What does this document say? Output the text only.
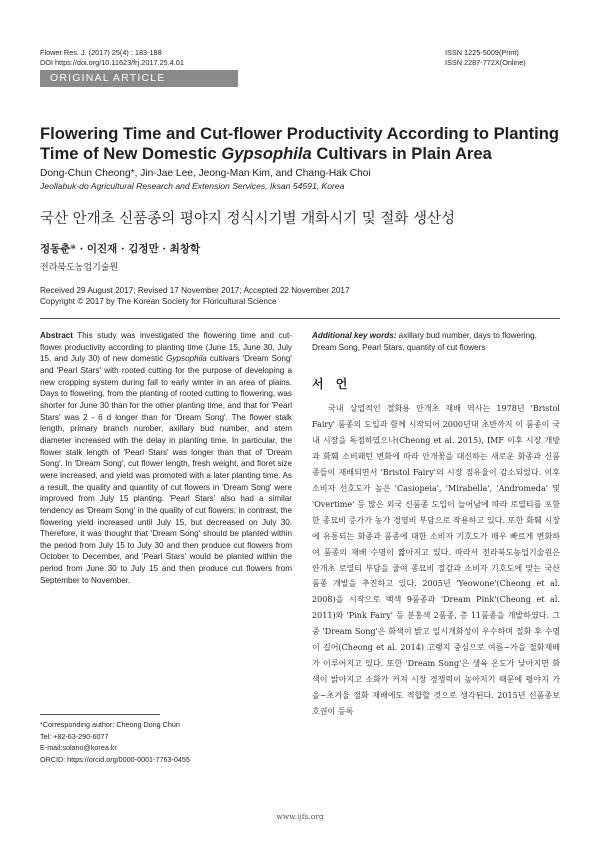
Flower Res. J. (2017) 25(4) : 183-188
DOI https://doi.org/10.11623/frj.2017.25.4.01
ISSN 1225-5009(Print)
ISSN 2287-772X(Online)
ORIGINAL ARTICLE
Flowering Time and Cut-flower Productivity According to Planting Time of New Domestic Gypsophila Cultivars in Plain Area
Dong-Chun Cheong*, Jin-Jae Lee, Jeong-Man Kim, and Chang-Hak Choi
Jeollabuk-do Agricultural Research and Extension Services, Iksan 54591, Korea
국산 안개초 신품종의 평야지 정식시기별 개화시기 및 절화 생산성
정동춘* · 이진재 · 김정만 · 최창학
전라북도농업기술원
Received 29 August 2017; Revised 17 November 2017; Accepted 22 November 2017
Copyright © 2017 by The Korean Society for Floricultural Science
Abstract This study was investigated the flowering time and cut-flower productivity according to planting time (June 15, June 30, July 15, and July 30) of new domestic Gypsophila cultivars 'Dream Song' and 'Pearl Stars' with rooted cutting for the purpose of developing a new cropping system during fall to early winter in an area of plains. Days to flowering, from the planting of rooted cutting to flowering, was shorter for June 30 than for the other planting time, and that for 'Pearl Stars' was 2 - 6 d longer than for 'Dream Song'. The flower stalk length, primary branch number, axillary bud number, and stem diameter increased with the delay in planting time. In particular, the flower stalk length of 'Pearl Stars' was longer than that of 'Dream Song'. In 'Dream Song', cut flower length, fresh weight, and floret size were increased, and yield was promoted with a later planting time. As a result, the quality and quantity of cut flowers in 'Dream Song' were improved from July 15 planting. 'Pearl Stars' also had a similar tendency as 'Dream Song' in the quality of cut flowers: in contrast, the flowering yield increased until July 15, but decreased on July 30. Therefore, it was thought that 'Dream Song' should be planted within the period from July 15 to July 30 and then produce cut flowers from October to December, and 'Pearl Stars' would be planted within the period from June 30 to July 15 and then produce cut flowers from September to November.
Additional key words: axillary bud number, days to flowering, Dream Song, Pearl Stars, quantity of cut flowers
서 언
국내 상업적인 절화용 안개초 재배 역사는 1978년 'Bristol Fairy' 품종의 도입과 함께 시작되어 2000년대 초반까지 이 품종이 국내 시장을 독점하였으나(Cheong et al. 2015), IMF 이후 시장 개방과 화훼 소비패턴 변화에 따라 안개꽃을 대신하는 새로운 화종과 신품종들이 재배되면서 'Bristol Fairy'의 시장 점유율이 감소되었다. 이후 소비자 선호도가 높은 'Casiopeia', 'Mirabella', 'Andromeda' 및 'Overtime' 등 많은 외국 신품종 도입이 늘어남에 따라 로열티를 포함한 종묘비 증가가 농가 경영비 부담으로 작용하고 있다. 또한 화훼 시장에 유통되는 화종과 품종에 대한 소비자 기호도가 매우 빠르게 변화하여 품종의 재배 수명이 짧아지고 있다. 따라서 전라북도농업기술원은 안개초 로열티 부담을 줄여 종묘비 절감과 소비자 기호도에 맞는 국산 품종 개발을 추진하고 있다. 2005년 'Yeowone'(Cheong et al. 2008)을 시작으로 백색 9품종과 'Dream Pink'(Cheong et al. 2011)와 'Pink Fairy' 등 분홍색 2품종, 총 11품종을 개발하였다. 그 중 'Dream Song'은 화색이 밝고 일시개화성이 우수하며 절화 후 수명이 길어(Cheong et al. 2014) 고랭지 중심으로 여름~가을 절화재배가 이루어지고 있다. 또한 'Dream Song'은 생육 온도가 낮아지면 화색이 밝아지고 소화가 커져 시장 경쟁력이 높아지기 때문에 평야지 가을~초겨울 절화 재배에도 적합할 것으로 생각된다. 2015년 신품종보호권이 등록
*Corresponding author: Cheong Dong Chun
Tel: +82-63-290-6077
E-mail:solano@korea.kr
ORCID: https://orcid.org/0000-0001-7763-0455
www.ijfs.org
